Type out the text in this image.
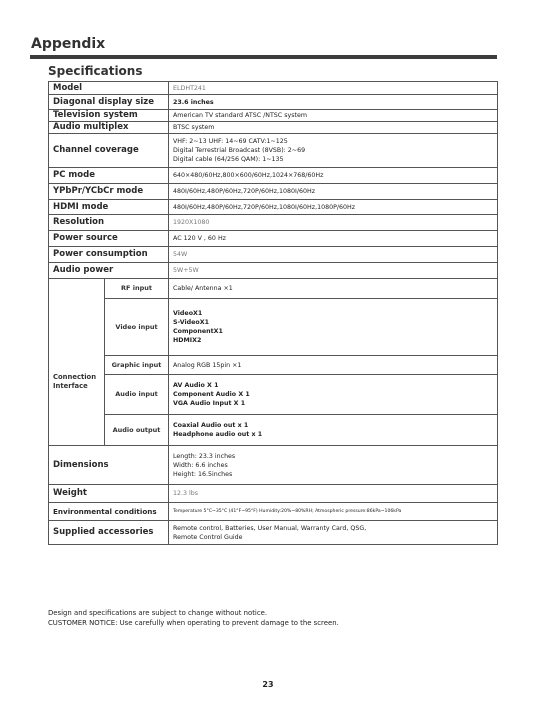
Appendix
Specifications
Model		ELDHT241
Diagonal display size		23.6 inches
Television system		American TV standard ATSC /NTSC system
Audio multiplex		BTSC system
Channel coverage		VHF: 2~13 UHF: 14~69 CATV:1~125
Digital Terrestrial Broadcast (8VSB): 2~69
Digital cable (64/256 QAM): 1~135

PC mode		640×480/60Hz,800×600/60Hz,1024×768/60Hz
YPbPr/YCbCr mode		480I/60Hz,480P/60Hz,720P/60Hz,1080I/60Hz
HDMI mode		480I/60Hz,480P/60Hz,720P/60Hz,1080I/60Hz,1080P/60Hz
Resolution		1920X1080
Power source		AC 120 V , 60 Hz
Power consumption		54W
Audio power		5W+5W
Connection Interface	RF input	Cable/ Antenna ×1
	Video input	VideoX1
S-VideoX1
ComponentX1
HDMIX2

	Graphic input	Analog RGB 15pin ×1
	Audio input	AV Audio X 1
Component Audio X 1
VGA Audio Input X 1

	Audio output	Coaxial Audio out x 1
Headphone audio out x 1

Dimensions		Length: 23.3 inches
Width: 6.6 inches
Height: 16.5inches

Weight		12.3 lbs
Environmental conditions		Temperature 5°C~35°C (41°F~95°F) Humidity:20%~80%RH; Atmospheric pressure:86kPa~106kPa
Supplied accessories		Remote control, Batteries, User Manual, Warranty Card, QSG,
Remote Control Guide
Design and specifications are subject to change without notice.
CUSTOMER NOTICE: Use carefully when operating to prevent damage to the screen.
23
